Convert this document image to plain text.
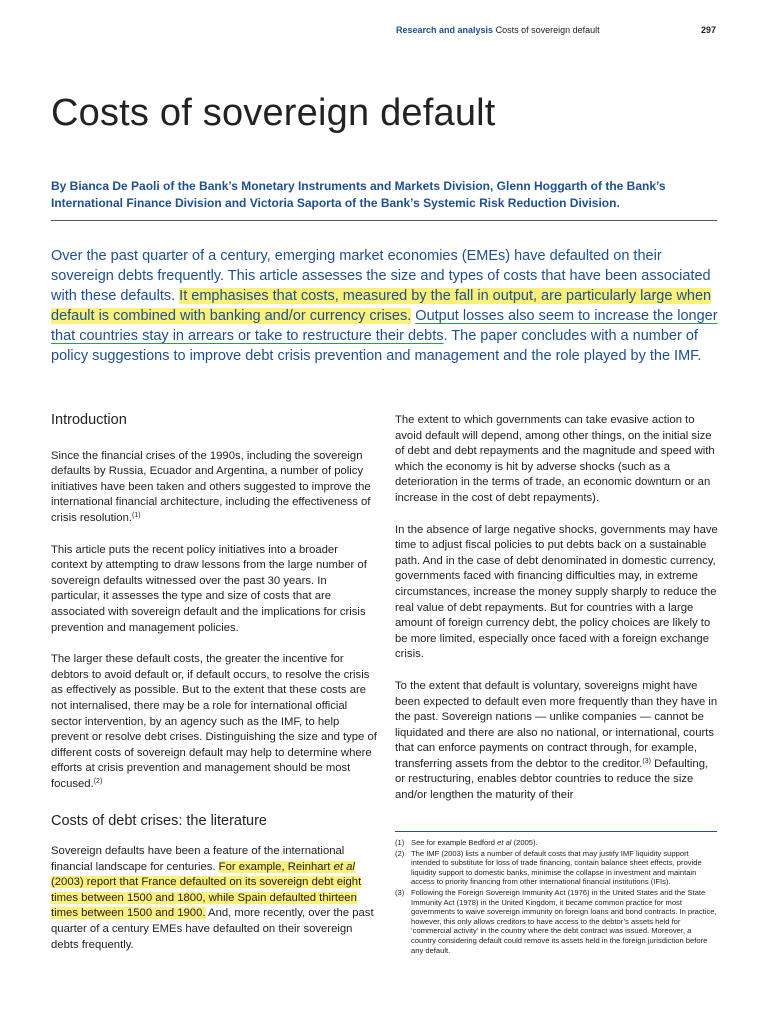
Research and analysis Costs of sovereign default	297
Costs of sovereign default
By Bianca De Paoli of the Bank’s Monetary Instruments and Markets Division, Glenn Hoggarth of the Bank’s International Finance Division and Victoria Saporta of the Bank’s Systemic Risk Reduction Division.
Over the past quarter of a century, emerging market economies (EMEs) have defaulted on their sovereign debts frequently. This article assesses the size and types of costs that have been associated with these defaults. It emphasises that costs, measured by the fall in output, are particularly large when default is combined with banking and/or currency crises. Output losses also seem to increase the longer that countries stay in arrears or take to restructure their debts. The paper concludes with a number of policy suggestions to improve debt crisis prevention and management and the role played by the IMF.
Introduction

Since the financial crises of the 1990s, including the sovereign defaults by Russia, Ecuador and Argentina, a number of policy initiatives have been taken and others suggested to improve the international financial architecture, including the effectiveness of crisis resolution.$^{(1)}$

This article puts the recent policy initiatives into a broader context by attempting to draw lessons from the large number of sovereign defaults witnessed over the past 30 years. In particular, it assesses the type and size of costs that are associated with sovereign default and the implications for crisis prevention and management policies.

The larger these default costs, the greater the incentive for debtors to avoid default or, if default occurs, to resolve the crisis as effectively as possible. But to the extent that these costs are not internalised, there may be a role for international official sector intervention, by an agency such as the IMF, to help prevent or resolve debt crises. Distinguishing the size and type of different costs of sovereign default may help to determine where efforts at crisis prevention and management should be most focused.$^{(2)}$

Costs of debt crises: the literature

Sovereign defaults have been a feature of the international financial landscape for centuries. For example, Reinhart et al (2003) report that France defaulted on its sovereign debt eight times between 1500 and 1800, while Spain defaulted thirteen times between 1500 and 1900. And, more recently, over the past quarter of a century EMEs have defaulted on their sovereign debts frequently.

The extent to which governments can take evasive action to avoid default will depend, among other things, on the initial size of debt and debt repayments and the magnitude and speed with which the economy is hit by adverse shocks (such as a deterioration in the terms of trade, an economic downturn or an increase in the cost of debt repayments).

In the absence of large negative shocks, governments may have time to adjust fiscal policies to put debts back on a sustainable path. And in the case of debt denominated in domestic currency, governments faced with financing difficulties may, in extreme circumstances, increase the money supply sharply to reduce the real value of debt repayments. But for countries with a large amount of foreign currency debt, the policy choices are likely to be more limited, especially once faced with a foreign exchange crisis.

To the extent that default is voluntary, sovereigns might have been expected to default even more frequently than they have in the past. Sovereign nations — unlike companies — cannot be liquidated and there are also no national, or international, courts that can enforce payments on contract through, for example, transferring assets from the debtor to the creditor.$^{(3)}$ Defaulting, or restructuring, enables debtor countries to reduce the size and/or lengthen the maturity of their

(1) See for example Bedford et al (2005).
(2) The IMF (2003) lists a number of default costs that may justify IMF liquidity support intended to substitute for loss of trade financing, contain balance sheet effects, provide liquidity support to domestic banks, minimise the collapse in investment and maintain access to priority financing from other international financial institutions (IFIs).
(3) Following the Foreign Sovereign Immunity Act (1976) in the United States and the State Immunity Act (1978) in the United Kingdom, it became common practice for most governments to waive sovereign immunity on foreign loans and bond contracts. In practice, however, this only allows creditors to have access to the debtor’s assets held for ‘commercial activity’ in the country where the debt contract was issued. Moreover, a country considering default could remove its assets held in the foreign jurisdiction before any default.
